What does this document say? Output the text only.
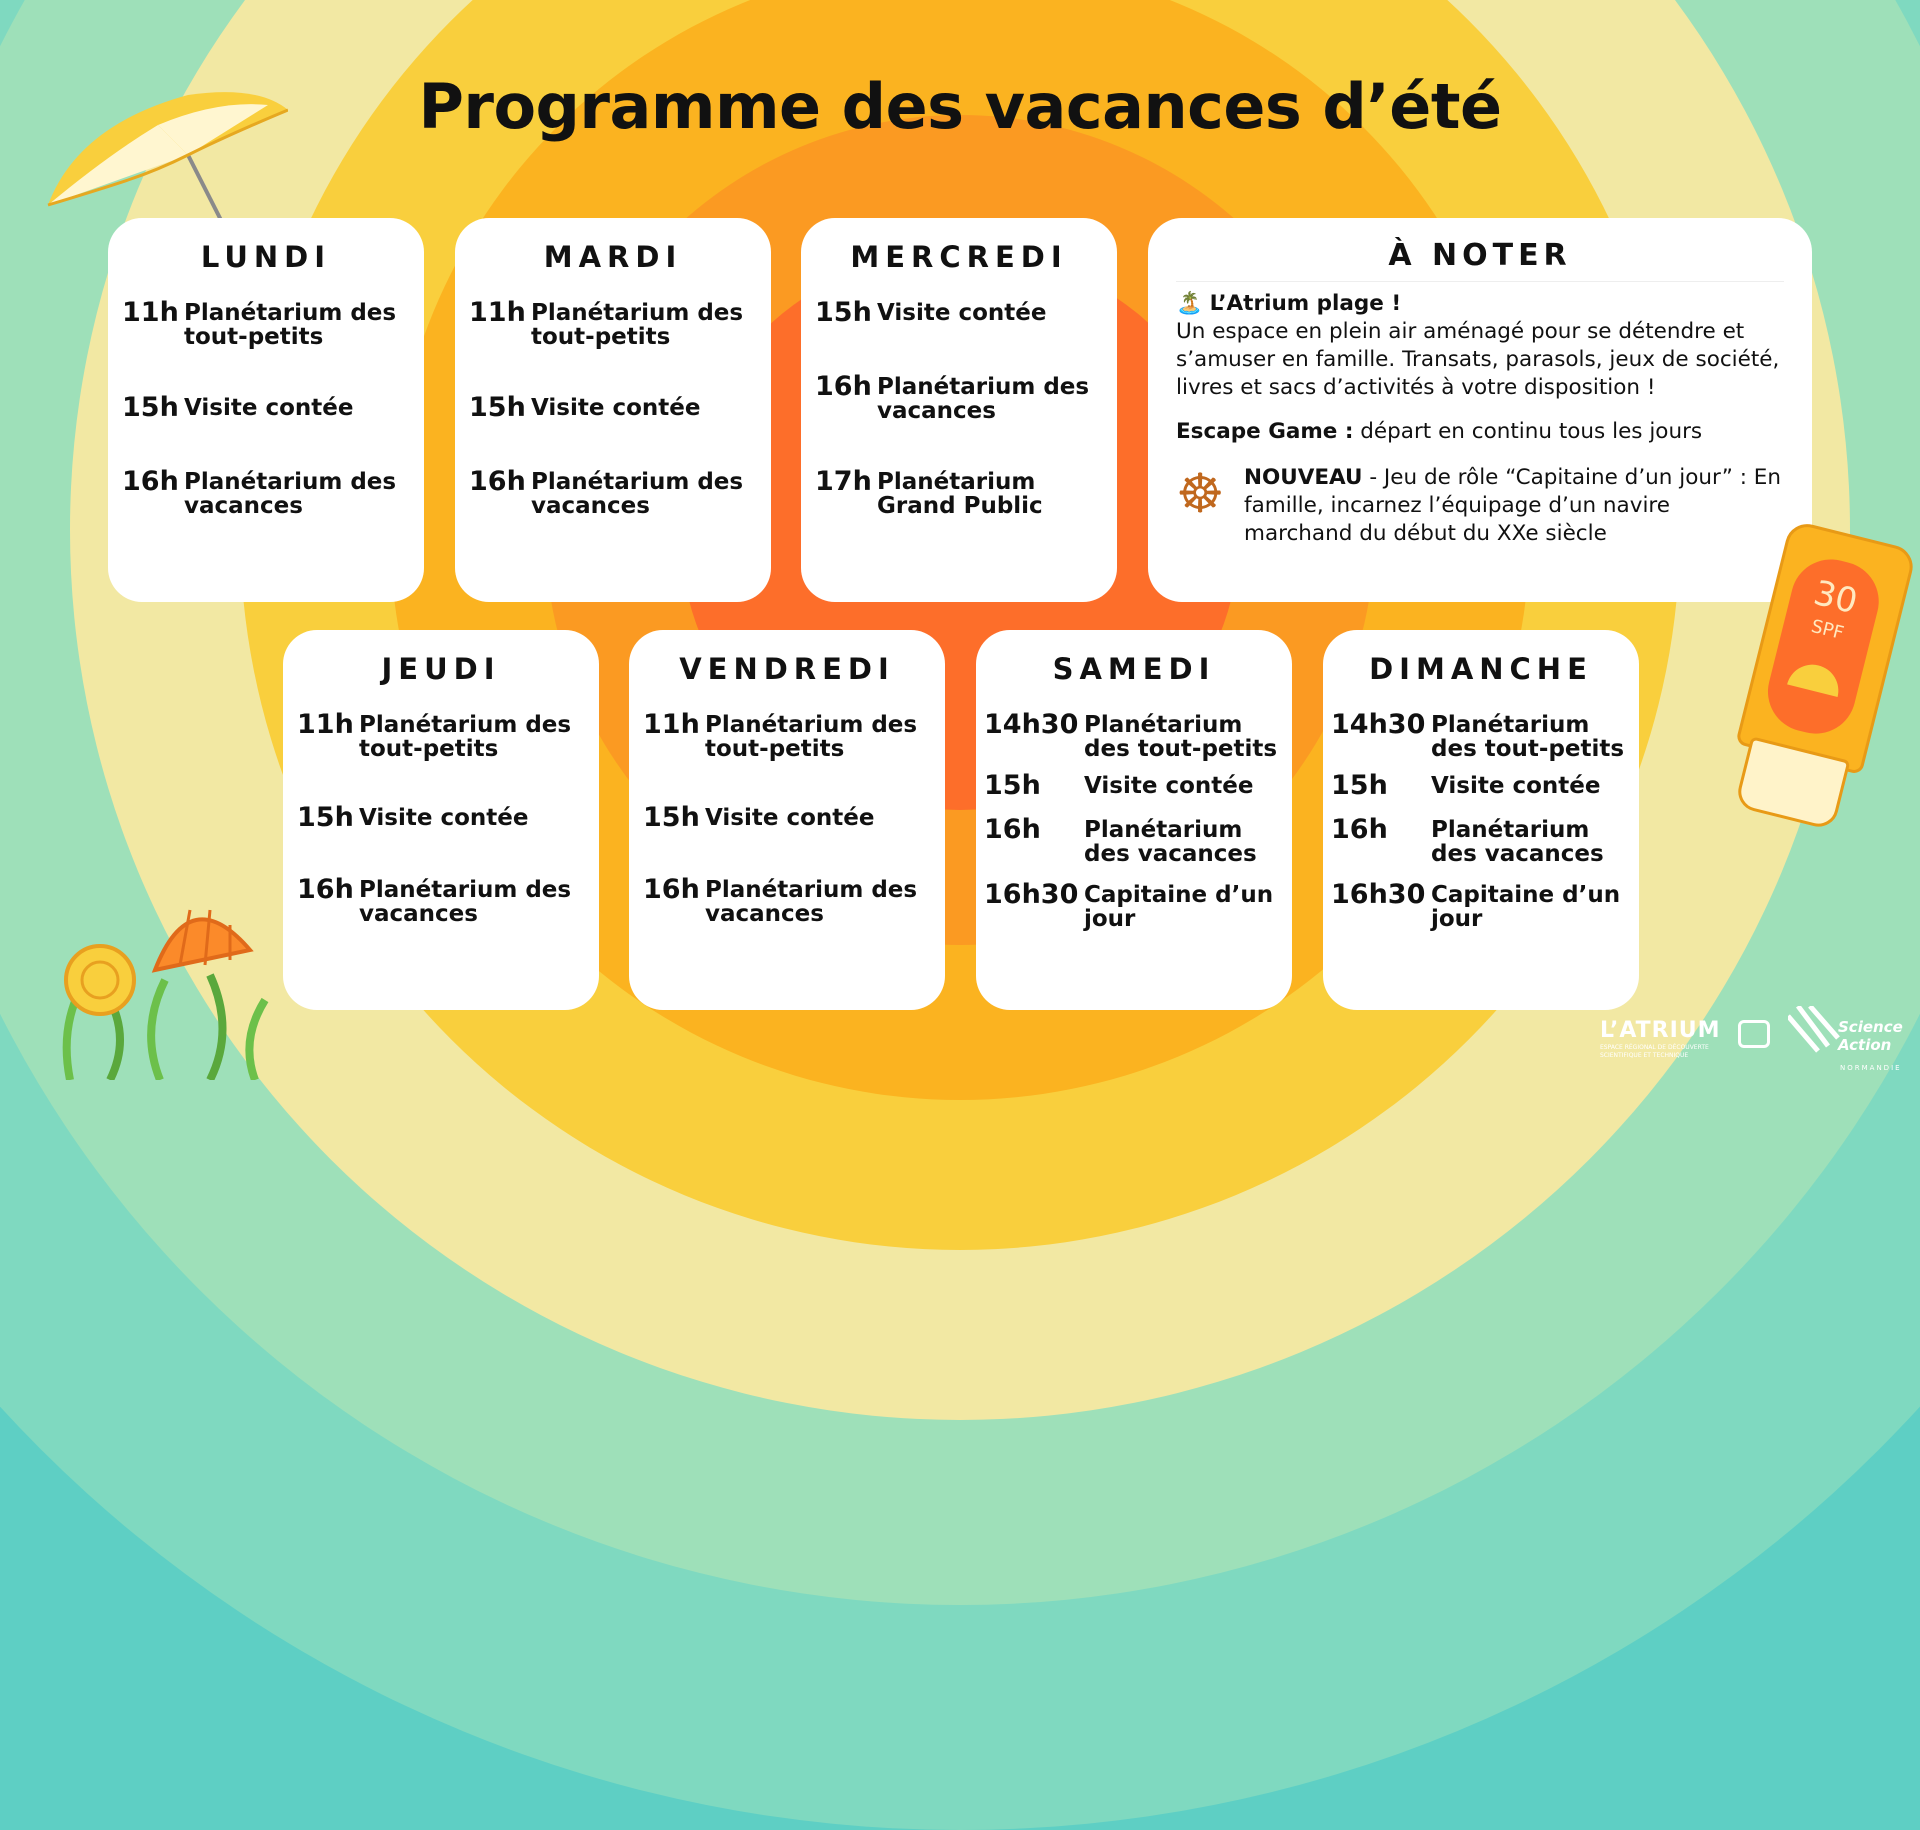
Programme des vacances d’été
LUNDI
11h Planétarium des tout-petits
15h Visite contée
16h Planétarium des vacances
MARDI
11h Planétarium des tout-petits
15h Visite contée
16h Planétarium des vacances
MERCREDI
15h Visite contée
16h Planétarium des vacances
17h Planétarium Grand Public
À NOTER
🏝️ L’Atrium plage !
Un espace en plein air aménagé pour se détendre et s’amuser en famille. Transats, parasols, jeux de société, livres et sacs d’activités à votre disposition !
Escape Game : départ en continu tous les jours
☸ NOUVEAU - Jeu de rôle “Capitaine d’un jour” : En famille, incarnez l’équipage d’un navire marchand du début du XXe siècle
JEUDI
11h Planétarium des tout-petits
15h Visite contée
16h Planétarium des vacances
VENDREDI
11h Planétarium des tout-petits
15h Visite contée
16h Planétarium des vacances
SAMEDI
14h30 Planétarium des tout-petits
15h	Visite contée
16h	Planétarium des vacances
16h30 Capitaine d’un jour
DIMANCHE
14h30 Planétarium des tout-petits
15h	Visite contée
16h	Planétarium des vacances
16h30 Capitaine d’un jour
30
SPF
L’ATRIUM
ESPACE RÉGIONAL DE DÉCOUVERTE SCIENTIFIQUE ET TECHNIQUE
Science Action
NORMANDIE
